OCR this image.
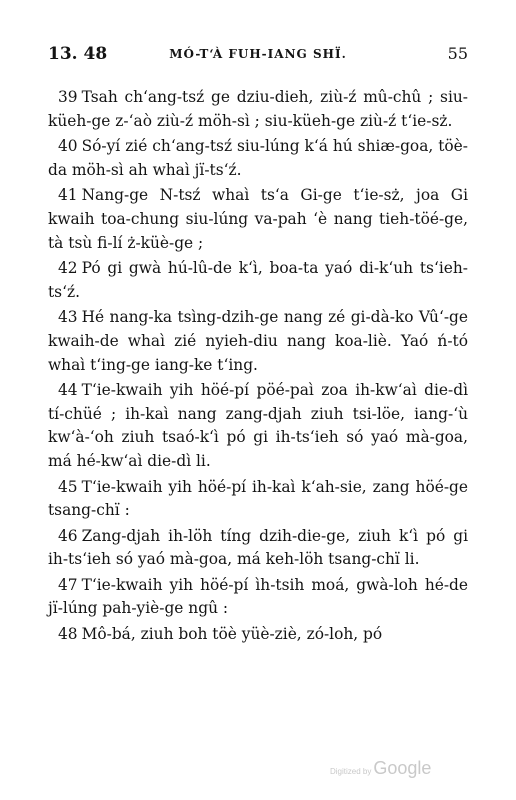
13. 48	MÓ-T‘À FUH-IANG SHÏ.	55

39 Tsah ch‘ang-tsź ge dziu-dieh, ziù-ź mû-chû ; siu-küeh-ge z-‘aò ziù-ź möh-sì ; siu-küeh-ge ziù-ź t‘ie-sż.

40 Só-yí zié ch‘ang-tsź siu-lúng k‘á hú shiæ-goa, töè-da möh-sì ah whaì jï-ts‘ź.

41 Nang-ge N-tsź whaì ts‘a Gi-ge t‘ie-sż, joa Gi kwaih toa-chung siu-lúng va-pah ‘è nang tieh-töé-ge, tà tsù fi-lí ż-küè-ge ;

42 Pó gi gwà hú-lû-de k‘ì, boa-ta yaó di-k‘uh ts‘ieh-ts‘ź.

43 Hé nang-ka tsìng-dzih-ge nang zé gi-dà-ko Vû‘-ge kwaih-de whaì zié nyieh-diu nang koa-liè. Yaó ń-tó whaì t‘ing-ge iang-ke t‘ing.

44 T‘ie-kwaih yih höé-pí pöé-paì zoa ih-kw‘aì die-dì tí-chüé ; ih-kaì nang zang-djah ziuh tsi-löe, iang-‘ù kw‘à-‘oh ziuh tsaó-k‘ì pó gi ih-ts‘ieh só yaó mà-goa, má hé-kw‘aì die-dì li.

45 T‘ie-kwaih yih höé-pí ih-kaì k‘ah-sie, zang höé-ge tsang-chï :

46 Zang-djah ih-löh tíng dzih-die-ge, ziuh k‘ì pó gi ih-ts‘ieh só yaó mà-goa, má keh-löh tsang-chï li.

47 T‘ie-kwaih yih höé-pí ìh-tsih moá, gwà-loh hé-de jï-lúng pah-yiè-ge ngû :

48 Mô-bá, ziuh boh töè yüè-ziè, zó-loh, pó

Digitized by Google
